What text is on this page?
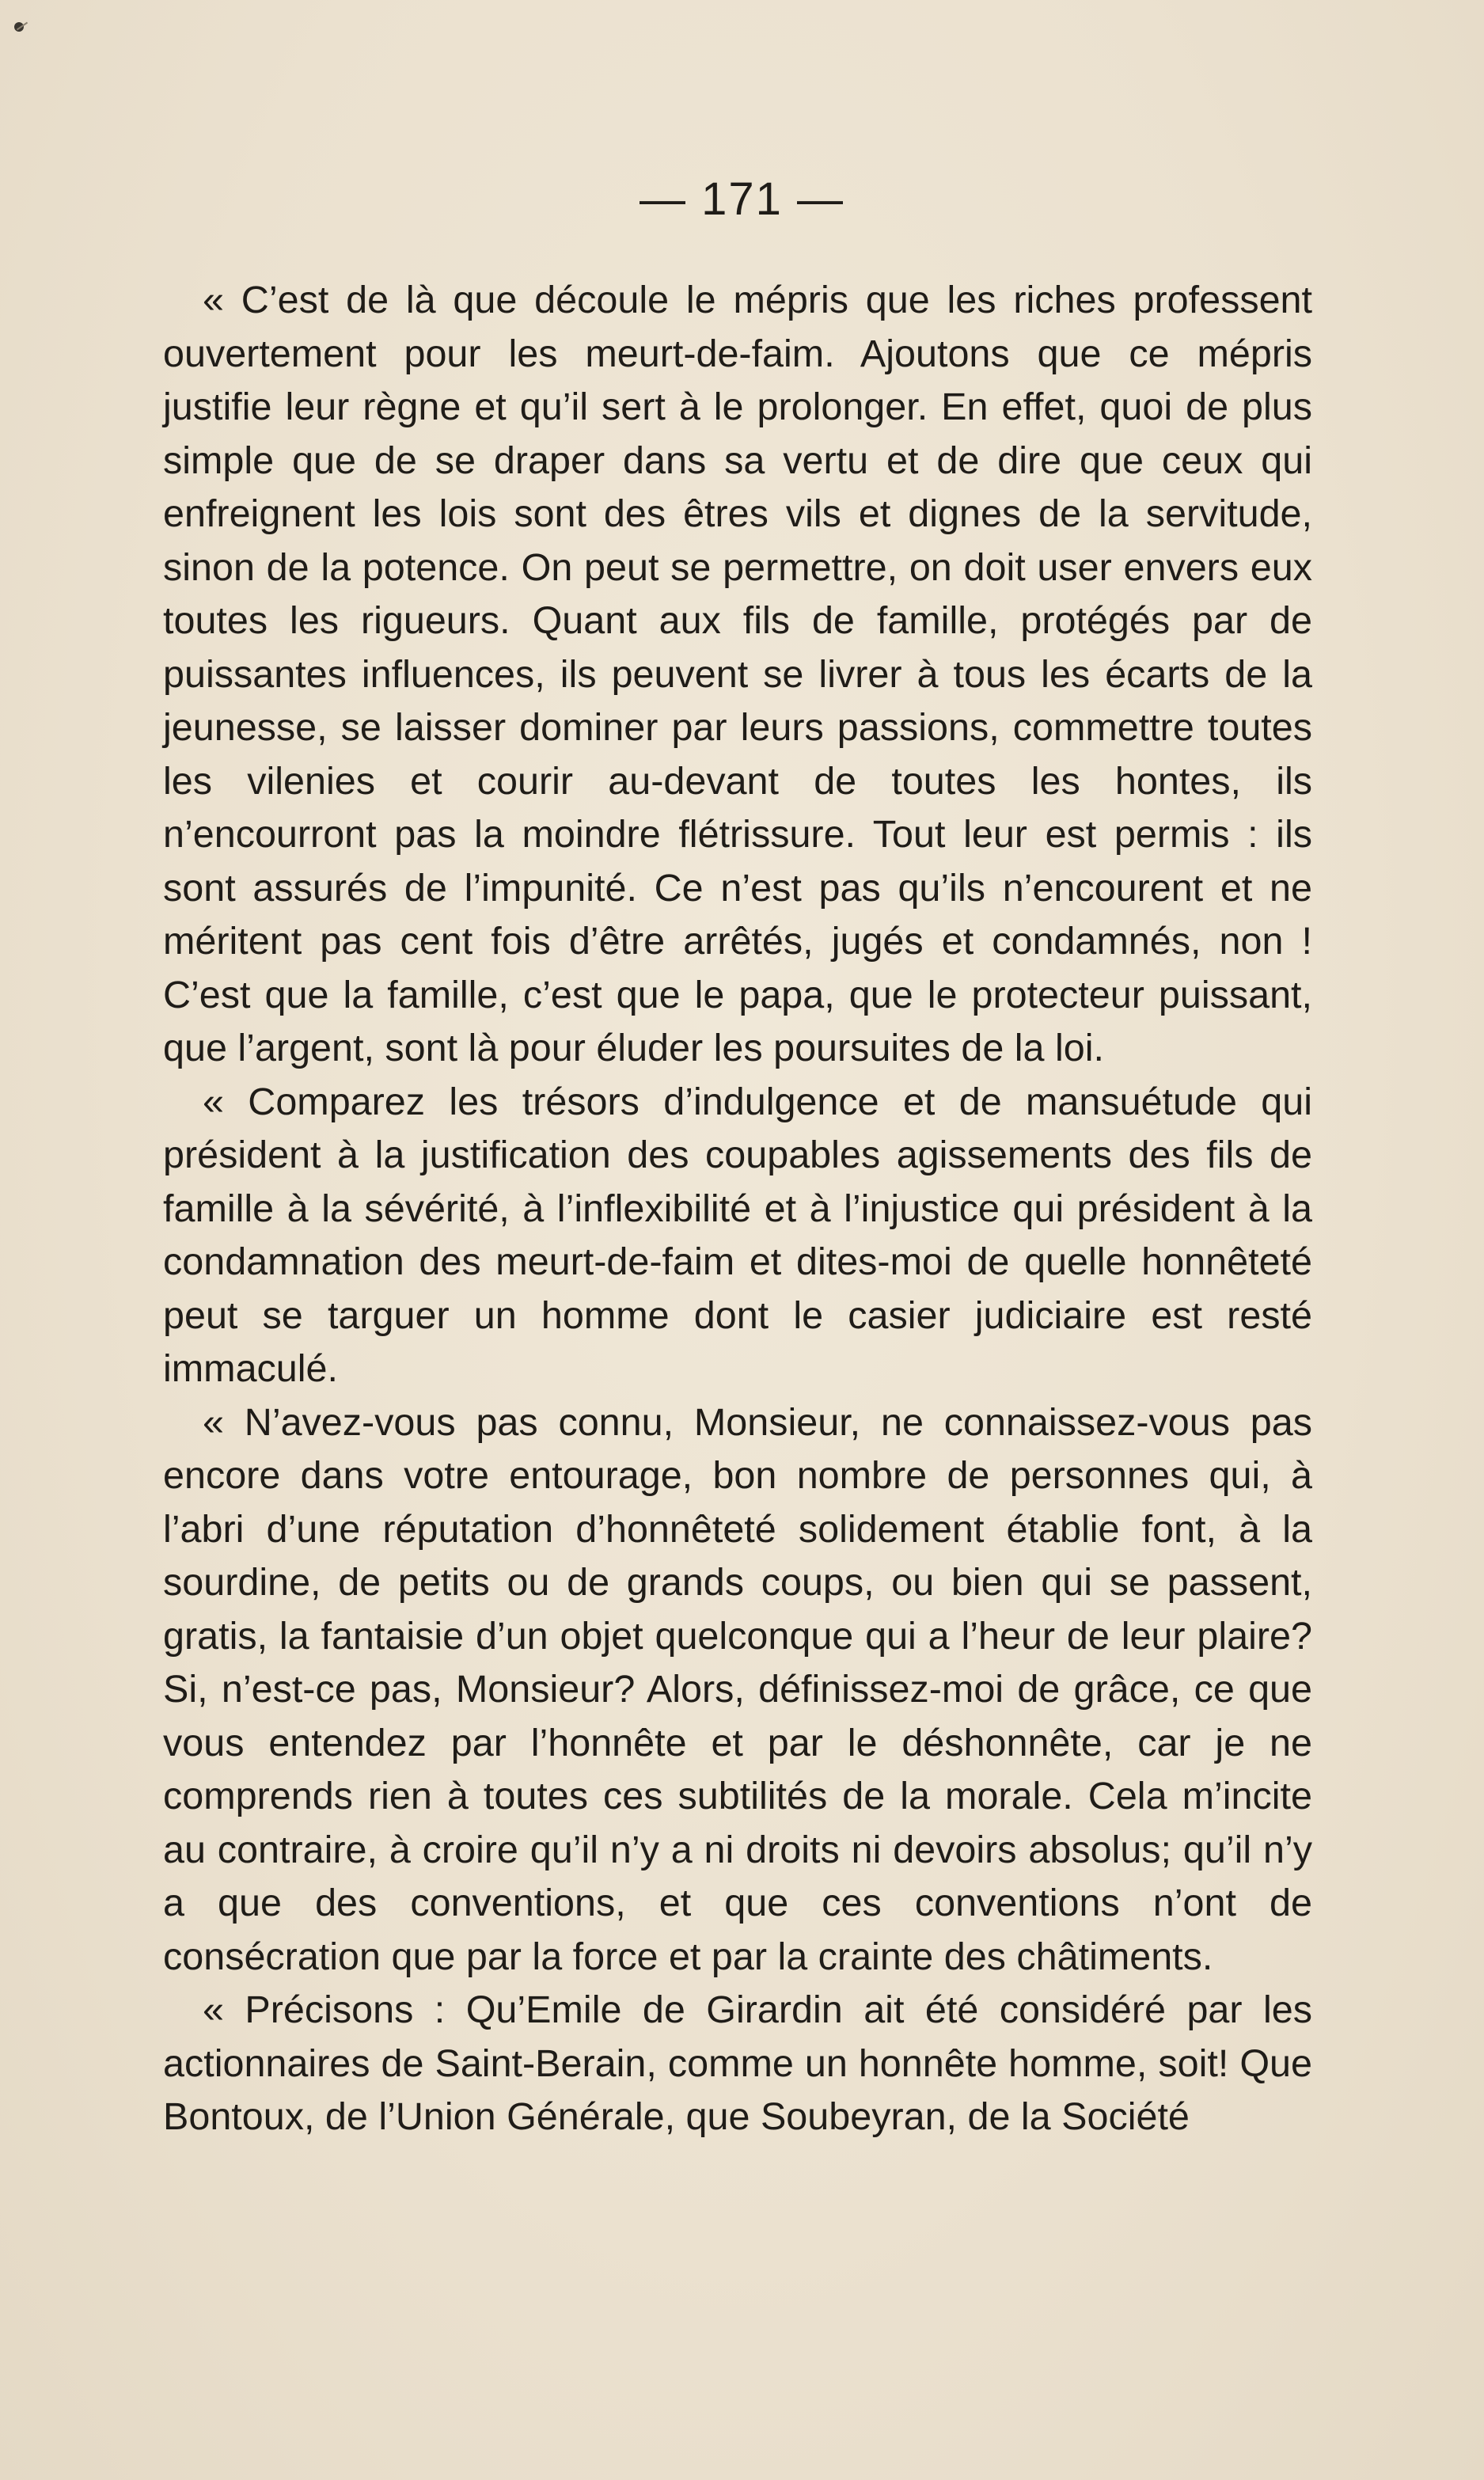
— 171 —

« C’est de là que découle le mépris que les riches professent ouvertement pour les meurt-de-faim. Ajoutons que ce mépris justifie leur règne et qu’il sert à le prolonger. En effet, quoi de plus simple que de se draper dans sa vertu et de dire que ceux qui enfreignent les lois sont des êtres vils et dignes de la servitude, sinon de la potence. On peut se permettre, on doit user envers eux toutes les rigueurs. Quant aux fils de famille, protégés par de puissantes influences, ils peuvent se livrer à tous les écarts de la jeunesse, se laisser dominer par leurs passions, commettre toutes les vilenies et courir au-devant de toutes les hontes, ils n’encourront pas la moindre flétrissure. Tout leur est permis : ils sont assurés de l’impunité. Ce n’est pas qu’ils n’encourent et ne méritent pas cent fois d’être arrêtés, jugés et condamnés, non ! C’est que la famille, c’est que le papa, que le protecteur puissant, que l’argent, sont là pour éluder les poursuites de la loi.

« Comparez les trésors d’indulgence et de mansuétude qui président à la justification des coupables agissements des fils de famille à la sévérité, à l’inflexibilité et à l’injustice qui président à la condamnation des meurt-de-faim et dites-moi de quelle honnêteté peut se targuer un homme dont le casier judiciaire est resté immaculé.

« N’avez-vous pas connu, Monsieur, ne connaissez-vous pas encore dans votre entourage, bon nombre de personnes qui, à l’abri d’une réputation d’honnêteté solidement établie font, à la sourdine, de petits ou de grands coups, ou bien qui se passent, gratis, la fantaisie d’un objet quelconque qui a l’heur de leur plaire? Si, n’est-ce pas, Monsieur? Alors, définissez-moi de grâce, ce que vous entendez par l’honnête et par le déshonnête, car je ne comprends rien à toutes ces subtilités de la morale. Cela m’incite au contraire, à croire qu’il n’y a ni droits ni devoirs absolus; qu’il n’y a que des conventions, et que ces conventions n’ont de consécration que par la force et par la crainte des châtiments.

« Précisons : Qu’Emile de Girardin ait été considéré par les actionnaires de Saint-Berain, comme un honnête homme, soit! Que Bontoux, de l’Union Générale, que Soubeyran, de la Société
